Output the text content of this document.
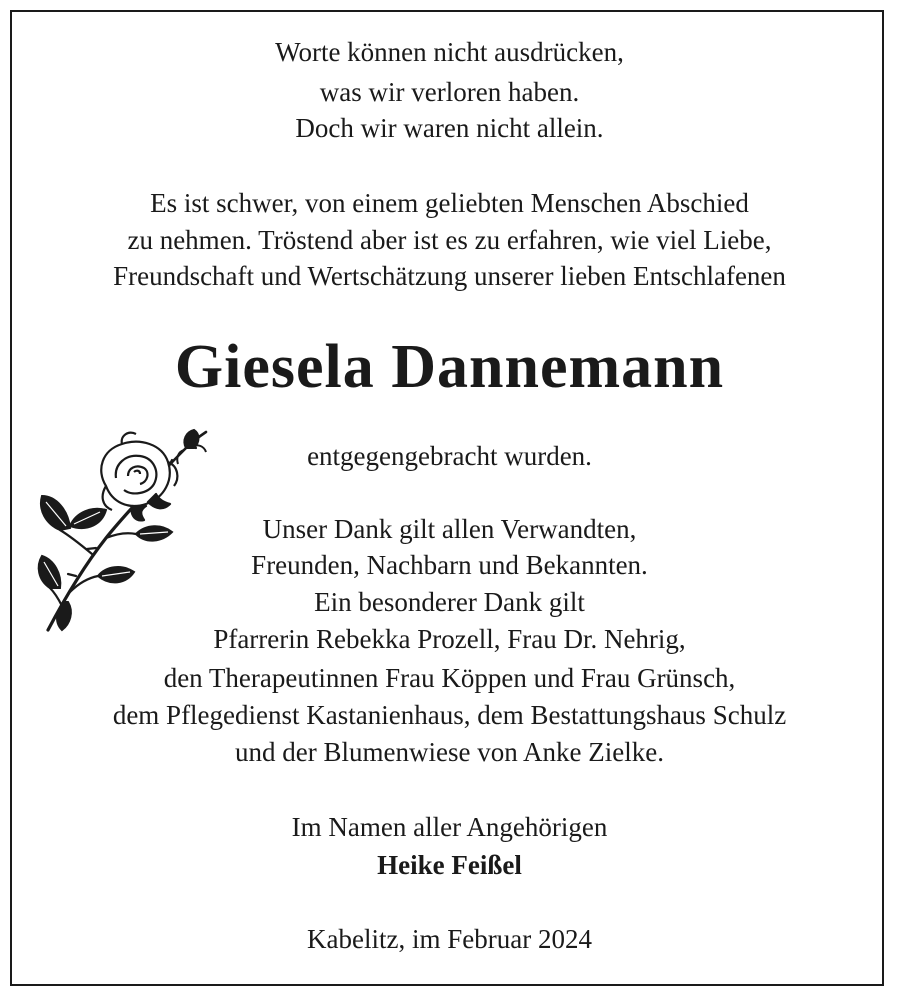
Worte können nicht ausdrücken,
was wir verloren haben.
Doch wir waren nicht allein.
Es ist schwer, von einem geliebten Menschen Abschied
zu nehmen. Tröstend aber ist es zu erfahren, wie viel Liebe,
Freundschaft und Wertschätzung unserer lieben Entschlafenen
Giesela Dannemann
entgegengebracht wurden.
Unser Dank gilt allen Verwandten,
Freunden, Nachbarn und Bekannten.
Ein besonderer Dank gilt
Pfarrerin Rebekka Prozell, Frau Dr. Nehrig,
den Therapeutinnen Frau Köppen und Frau Grünsch,
dem Pflegedienst Kastanienhaus, dem Bestattungshaus Schulz
und der Blumenwiese von Anke Zielke.
Im Namen aller Angehörigen
Heike Feißel
Kabelitz, im Februar 2024
